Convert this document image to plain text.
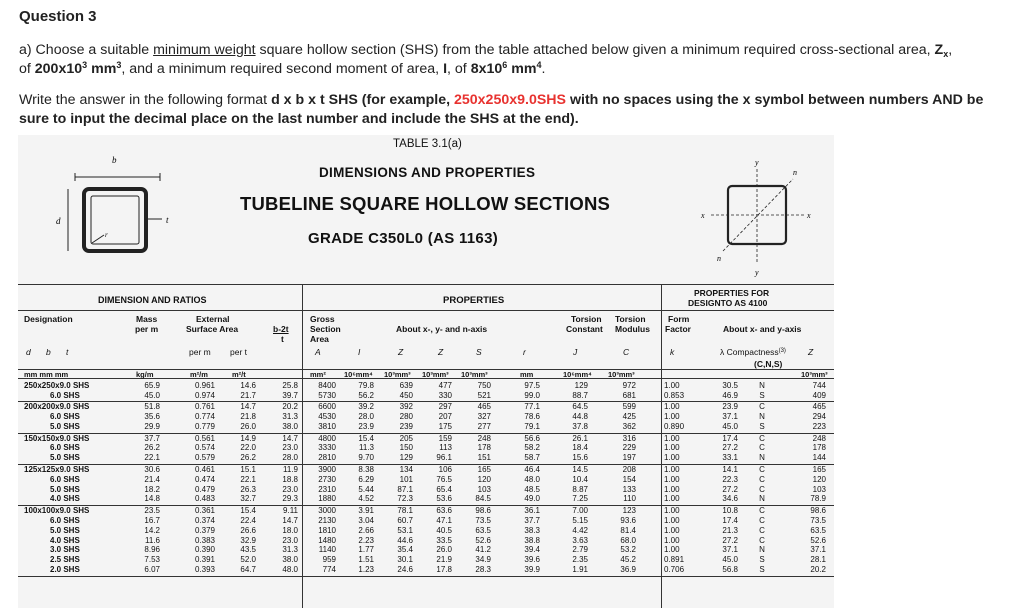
Question 3
a) Choose a suitable minimum weight square hollow section (SHS) from the table attached below given a minimum required cross-sectional area, $Z_x$,
of $200x10^3$ $mm^3$, and a minimum required second moment of area, I, of $8x10^6$ $mm^4$.
Write the answer in the following format d x b x t SHS (for example, 250x250x9.0SHS with no spaces using the x symbol between numbers AND be
sure to input the decimal place on the last number and include the SHS at the end).
TABLE 3.1(a)
DIMENSIONS AND PROPERTIES
TUBELINE SQUARE HOLLOW SECTIONS
GRADE C350L0 (AS 1163)
b
d	t
r
y
y
x	x
n
n
DIMENSION AND RATIOS	PROPERTIES
PROPERTIES FOR
DESIGNTO AS 4100
Designation	Mass
per m
External
Surface Area	b-2t
t
Gross
Section
Area
About x-, y- and n-axis
Torsion
Constant
Torsion
Modulus
Form
Factor	About x- and y-axis
d b t	per m per t	A	I	Z	Z	S	r	J	C	k	λ Compactness$^{(3)}$	Z
(C,N,S)
mm mm mm	kg/m	m²/m	m²/t	mm² 10⁶mm⁴ 10³mm³ 10³mm³ 10³mm³	mm	10⁶mm⁴ 10³mm³	10³mm³
250x250x9.0 SHS	65.9	0.961	14.6	25.8	8400	79.8	639	477	750	97.5	129	972	1.00	30.5	N	744
6.0 SHS	45.0	0.974	21.7	39.7	5730	56.2	450	330	521	99.0	88.7	681	0.853	46.9	S	409
200x200x9.0 SHS	51.8	0.761	14.7	20.2	6600	39.2	392	297	465	77.1	64.5	599	1.00	23.9	C	465
6.0 SHS	35.6	0.774	21.8	31.3	4530	28.0	280	207	327	78.6	44.8	425	1.00	37.1	N	294
5.0 SHS	29.9	0.779	26.0	38.0	3810	23.9	239	175	277	79.1	37.8	362	0.890	45.0	S	223
150x150x9.0 SHS	37.7	0.561	14.9	14.7	4800	15.4	205	159	248	56.6	26.1	316	1.00	17.4	C	248
6.0 SHS	26.2	0.574	22.0	23.0	3330	11.3	150	113	178	58.2	18.4	229	1.00	27.2	C	178
5.0 SHS	22.1	0.579	26.2	28.0	2810	9.70	129	96.1	151	58.7	15.6	197	1.00	33.1	N	144
125x125x9.0 SHS	30.6	0.461	15.1	11.9	3900	8.38	134	106	165	46.4	14.5	208	1.00	14.1	C	165
6.0 SHS	21.4	0.474	22.1	18.8	2730	6.29	101	76.5	120	48.0	10.4	154	1.00	22.3	C	120
5.0 SHS	18.2	0.479	26.3	23.0	2310	5.44	87.1	65.4	103	48.5	8.87	133	1.00	27.2	C	103
4.0 SHS	14.8	0.483	32.7	29.3	1880	4.52	72.3	53.6	84.5	49.0	7.25	110	1.00	34.6	N	78.9
100x100x9.0 SHS	23.5	0.361	15.4	9.11	3000	3.91	78.1	63.6	98.6	36.1	7.00	123	1.00	10.8	C	98.6
6.0 SHS	16.7	0.374	22.4	14.7	2130	3.04	60.7	47.1	73.5	37.7	5.15	93.6	1.00	17.4	C	73.5
5.0 SHS	14.2	0.379	26.6	18.0	1810	2.66	53.1	40.5	63.5	38.3	4.42	81.4	1.00	21.3	C	63.5
4.0 SHS	11.6	0.383	32.9	23.0	1480	2.23	44.6	33.5	52.6	38.8	3.63	68.0	1.00	27.2	C	52.6
3.0 SHS	8.96	0.390	43.5	31.3	1140	1.77	35.4	26.0	41.2	39.4	2.79	53.2	1.00	37.1	N	37.1
2.5 SHS	7.53	0.391	52.0	38.0	959	1.51	30.1	21.9	34.9	39.6	2.35	45.2	0.891	45.0	S	28.1
2.0 SHS	6.07	0.393	64.7	48.0	774	1.23	24.6	17.8	28.3	39.9	1.91	36.9	0.706	56.8	S	20.2
